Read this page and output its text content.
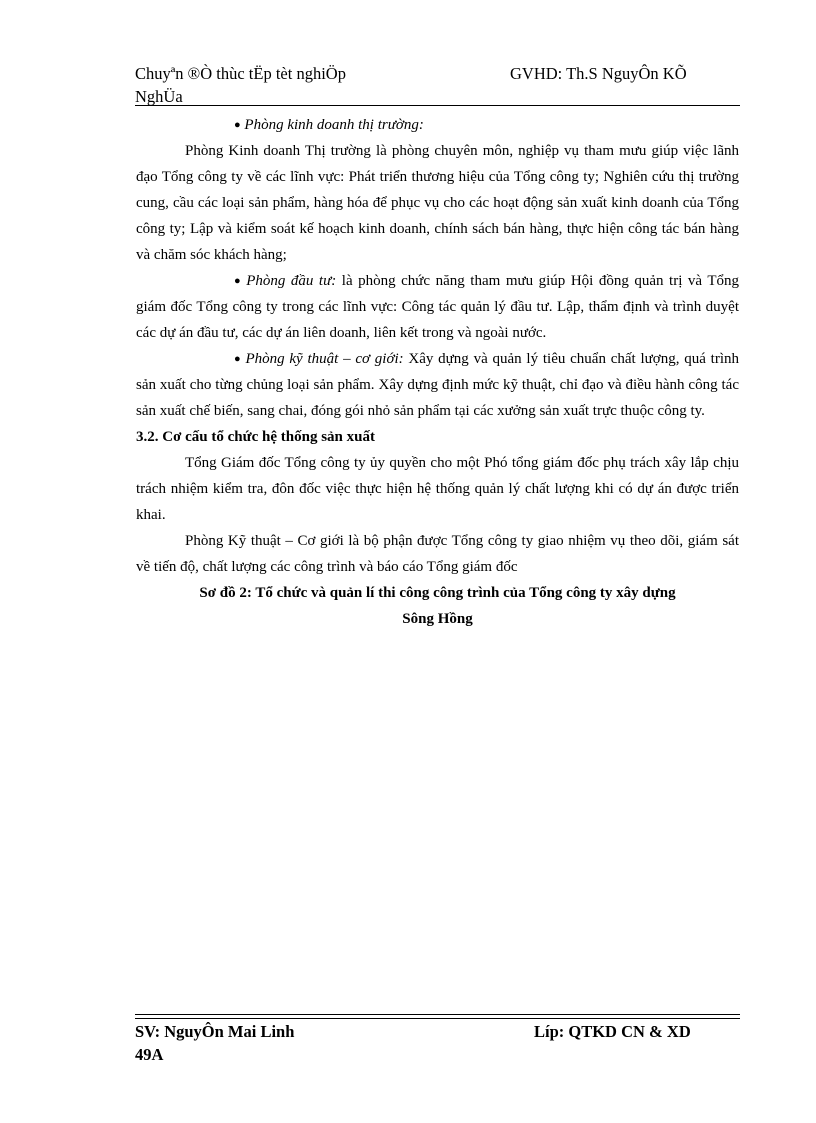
Chuyªn ®Ò thùc tËp tèt nghiÖp
NghÜa
GVHD: Th.S NguyÔn KÕ

● Phòng kinh doanh thị trường:

Phòng Kinh doanh Thị trường là phòng chuyên môn, nghiệp vụ tham mưu giúp việc lãnh đạo Tổng công ty về các lĩnh vực: Phát triển thương hiệu của Tổng công ty; Nghiên cứu thị trường cung, cầu các loại sản phẩm, hàng hóa để phục vụ cho các hoạt động sản xuất kinh doanh của Tổng công ty; Lập và kiểm soát kế hoạch kinh doanh, chính sách bán hàng, thực hiện công tác bán hàng và chăm sóc khách hàng;

● Phòng đầu tư: là phòng chức năng tham mưu giúp Hội đồng quản trị và Tổng giám đốc Tổng công ty trong các lĩnh vực: Công tác quản lý đầu tư. Lập, thẩm định và trình duyệt các dự án đầu tư, các dự án liên doanh, liên kết trong và ngoài nước.

● Phòng kỹ thuật – cơ giới: Xây dựng và quản lý tiêu chuẩn chất lượng, quá trình sản xuất cho từng chủng loại sản phẩm. Xây dựng định mức kỹ thuật, chỉ đạo và điều hành công tác sản xuất chế biến, sang chai, đóng gói nhỏ sản phẩm tại các xưởng sản xuất trực thuộc công ty.

3.2. Cơ cấu tổ chức hệ thống sản xuất

Tổng Giám đốc Tổng công ty ủy quyền cho một Phó tổng giám đốc phụ trách xây lắp chịu trách nhiệm kiểm tra, đôn đốc việc thực hiện hệ thống quản lý chất lượng khi có dự án được triển khai.

Phòng Kỹ thuật – Cơ giới là bộ phận được Tổng công ty giao nhiệm vụ theo dõi, giám sát về tiến độ, chất lượng các công trình và báo cáo Tổng giám đốc

Sơ đồ 2: Tổ chức và quản lí thi công công trình của Tổng công ty xây dựng
Sông Hồng

SV: NguyÔn Mai Linh
49A
Líp: QTKD CN & XD
